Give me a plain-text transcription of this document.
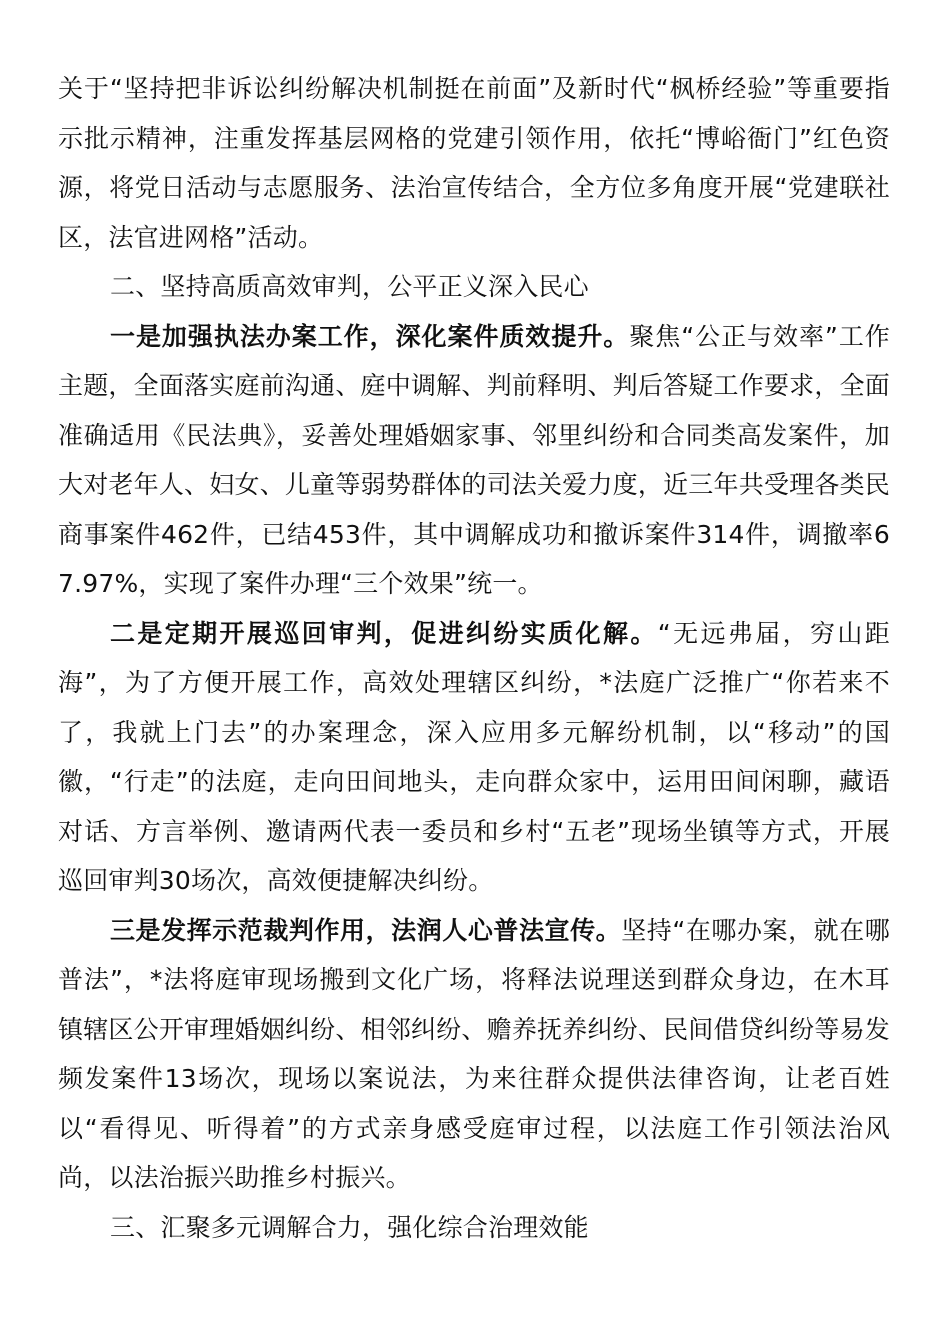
关于“坚持把非诉讼纠纷解决机制挺在前面”及新时代“枫桥经验”等重要指示批示精神，注重发挥基层网格的党建引领作用，依托“博峪衙门”红色资源，将党日活动与志愿服务、法治宣传结合，全方位多角度开展“党建联社区，法官进网格”活动。

二、坚持高质高效审判，公平正义深入民心

一是加强执法办案工作，深化案件质效提升。聚焦“公正与效率”工作主题，全面落实庭前沟通、庭中调解、判前释明、判后答疑工作要求，全面准确适用《民法典》，妥善处理婚姻家事、邻里纠纷和合同类高发案件，加大对老年人、妇女、儿童等弱势群体的司法关爱力度，近三年共受理各类民商事案件462件，已结453件，其中调解成功和撤诉案件314件，调撤率67.97%，实现了案件办理“三个效果”统一。

二是定期开展巡回审判，促进纠纷实质化解。“无远弗届，穷山距海”，为了方便开展工作，高效处理辖区纠纷，*法庭广泛推广“你若来不了，我就上门去”的办案理念，深入应用多元解纷机制，以“移动”的国徽，“行走”的法庭，走向田间地头，走向群众家中，运用田间闲聊，藏语对话、方言举例、邀请两代表一委员和乡村“五老”现场坐镇等方式，开展巡回审判30场次，高效便捷解决纠纷。

三是发挥示范裁判作用，法润人心普法宣传。坚持“在哪办案，就在哪普法”，*法将庭审现场搬到文化广场，将释法说理送到群众身边，在木耳镇辖区公开审理婚姻纠纷、相邻纠纷、赡养抚养纠纷、民间借贷纠纷等易发频发案件13场次，现场以案说法，为来往群众提供法律咨询，让老百姓以“看得见、听得着”的方式亲身感受庭审过程，以法庭工作引领法治风尚，以法治振兴助推乡村振兴。

三、汇聚多元调解合力，强化综合治理效能
